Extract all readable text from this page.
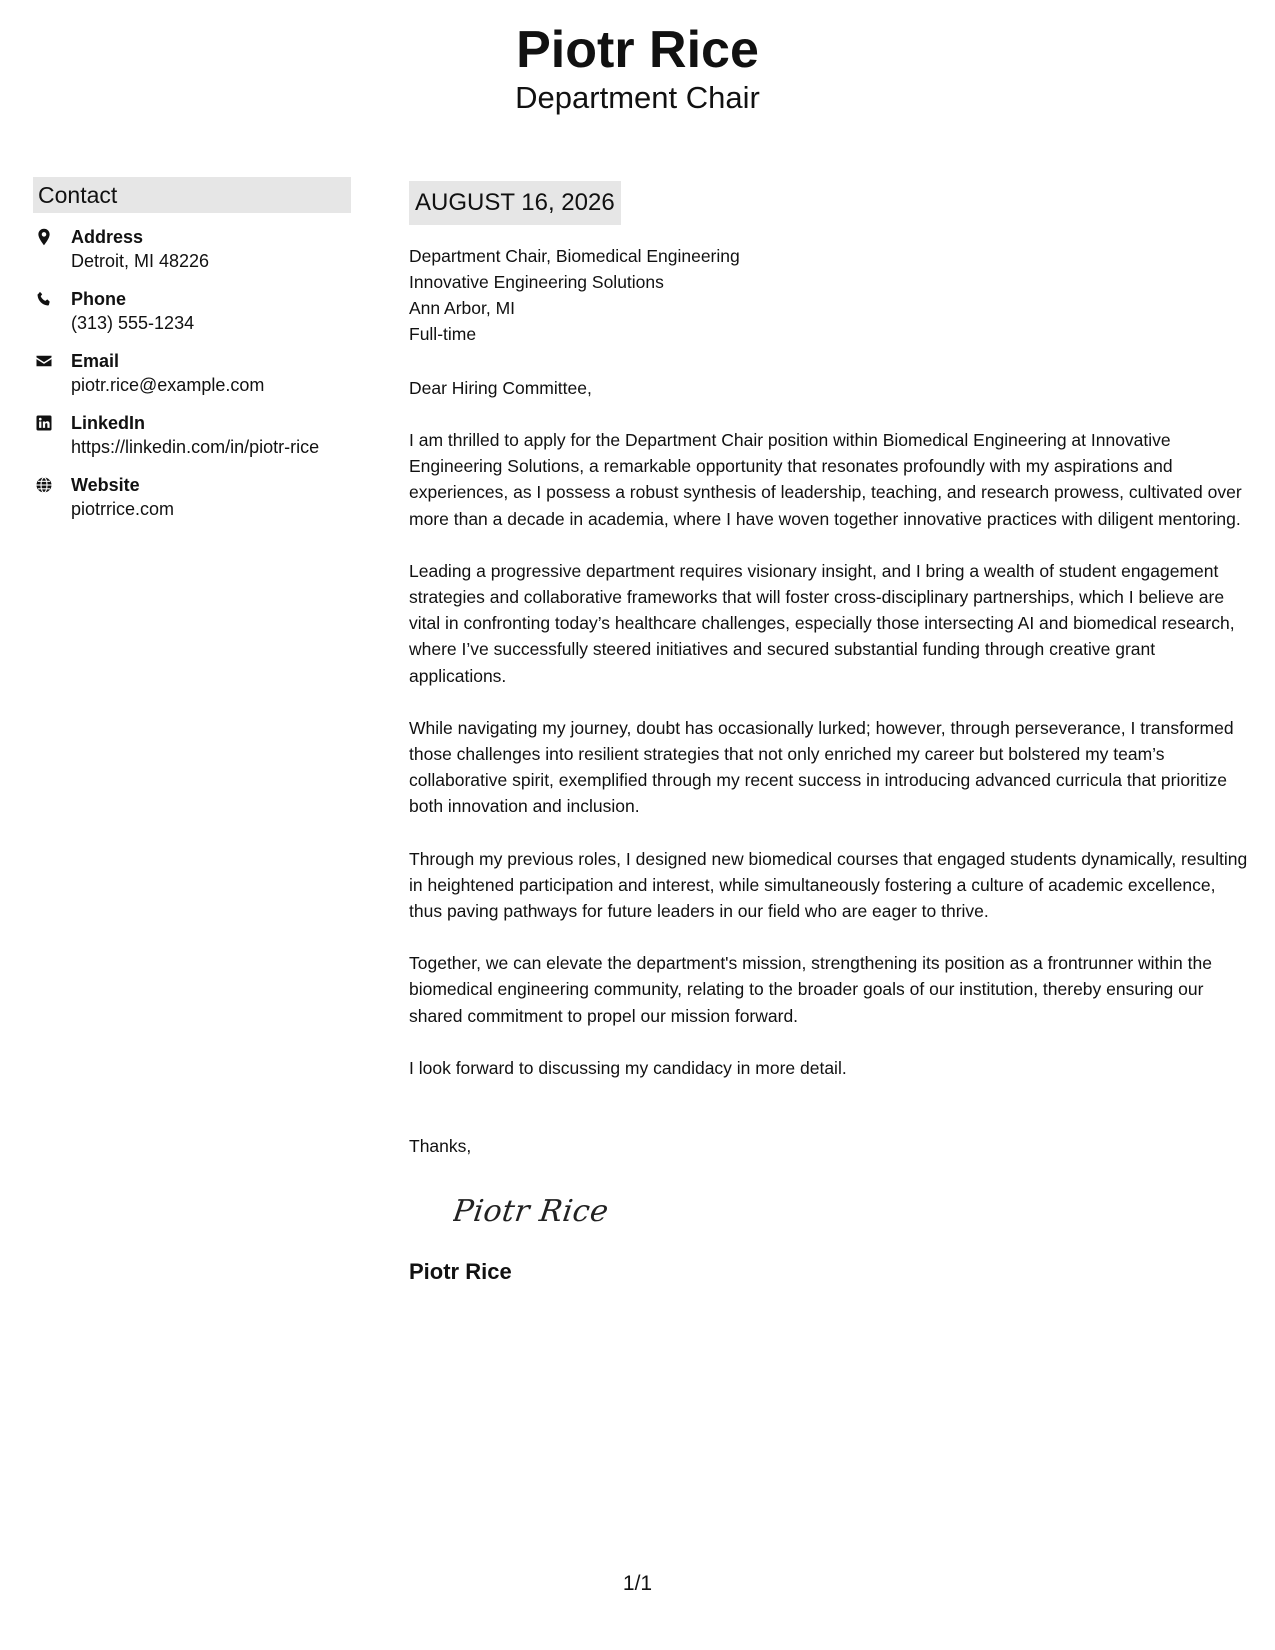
Piotr Rice
Department Chair
Contact
Address
Detroit, MI 48226
Phone
(313) 555-1234
Email
piotr.rice@example.com
LinkedIn
https://linkedin.com/in/piotr-rice
Website
piotrrice.com
AUGUST 16, 2026
Department Chair, Biomedical Engineering
Innovative Engineering Solutions
Ann Arbor, MI
Full-time
Dear Hiring Committee,
I am thrilled to apply for the Department Chair position within Biomedical Engineering at Innovative Engineering Solutions, a remarkable opportunity that resonates profoundly with my aspirations and experiences, as I possess a robust synthesis of leadership, teaching, and research prowess, cultivated over more than a decade in academia, where I have woven together innovative practices with diligent mentoring.
Leading a progressive department requires visionary insight, and I bring a wealth of student engagement strategies and collaborative frameworks that will foster cross-disciplinary partnerships, which I believe are vital in confronting today’s healthcare challenges, especially those intersecting AI and biomedical research, where I’ve successfully steered initiatives and secured substantial funding through creative grant applications.
While navigating my journey, doubt has occasionally lurked; however, through perseverance, I transformed those challenges into resilient strategies that not only enriched my career but bolstered my team’s collaborative spirit, exemplified through my recent success in introducing advanced curricula that prioritize both innovation and inclusion.
Through my previous roles, I designed new biomedical courses that engaged students dynamically, resulting in heightened participation and interest, while simultaneously fostering a culture of academic excellence, thus paving pathways for future leaders in our field who are eager to thrive.
Together, we can elevate the department's mission, strengthening its position as a frontrunner within the biomedical engineering community, relating to the broader goals of our institution, thereby ensuring our shared commitment to propel our mission forward.
I look forward to discussing my candidacy in more detail.
Thanks,
Piotr Rice
Piotr Rice
1/1
